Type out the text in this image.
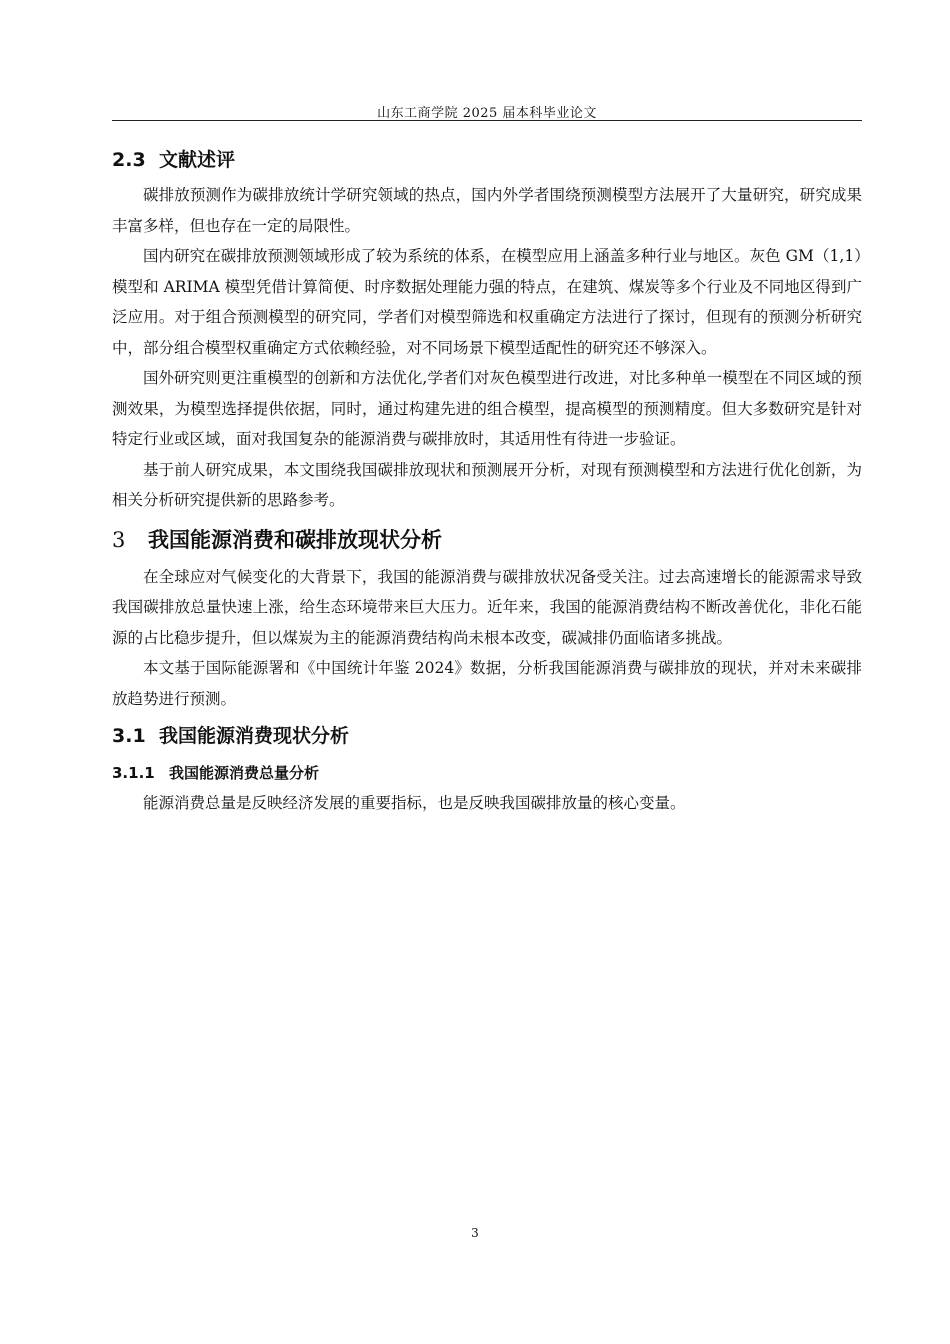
山东工商学院 2025 届本科毕业论文
2.3 文献述评

碳排放预测作为碳排放统计学研究领域的热点，国内外学者围绕预测模型方法展开了大量研究，研究成果丰富多样，但也存在一定的局限性。

国内研究在碳排放预测领域形成了较为系统的体系，在模型应用上涵盖多种行业与地区。灰色 GM（1,1）模型和 ARIMA 模型凭借计算简便、时序数据处理能力强的特点，在建筑、煤炭等多个行业及不同地区得到广泛应用。对于组合预测模型的研究同，学者们对模型筛选和权重确定方法进行了探讨，但现有的预测分析研究中，部分组合模型权重确定方式依赖经验，对不同场景下模型适配性的研究还不够深入。

国外研究则更注重模型的创新和方法优化,学者们对灰色模型进行改进，对比多种单一模型在不同区域的预测效果，为模型选择提供依据，同时，通过构建先进的组合模型，提高模型的预测精度。但大多数研究是针对特定行业或区域，面对我国复杂的能源消费与碳排放时，其适用性有待进一步验证。

基于前人研究成果，本文围绕我国碳排放现状和预测展开分析，对现有预测模型和方法进行优化创新，为相关分析研究提供新的思路参考。

3 我国能源消费和碳排放现状分析

在全球应对气候变化的大背景下，我国的能源消费与碳排放状况备受关注。过去高速增长的能源需求导致我国碳排放总量快速上涨，给生态环境带来巨大压力。近年来，我国的能源消费结构不断改善优化，非化石能源的占比稳步提升，但以煤炭为主的能源消费结构尚未根本改变，碳减排仍面临诸多挑战。

本文基于国际能源署和《中国统计年鉴 2024》数据，分析我国能源消费与碳排放的现状，并对未来碳排放趋势进行预测。

3.1 我国能源消费现状分析
3.1.1 我国能源消费总量分析

能源消费总量是反映经济发展的重要指标，也是反映我国碳排放量的核心变量。

3
